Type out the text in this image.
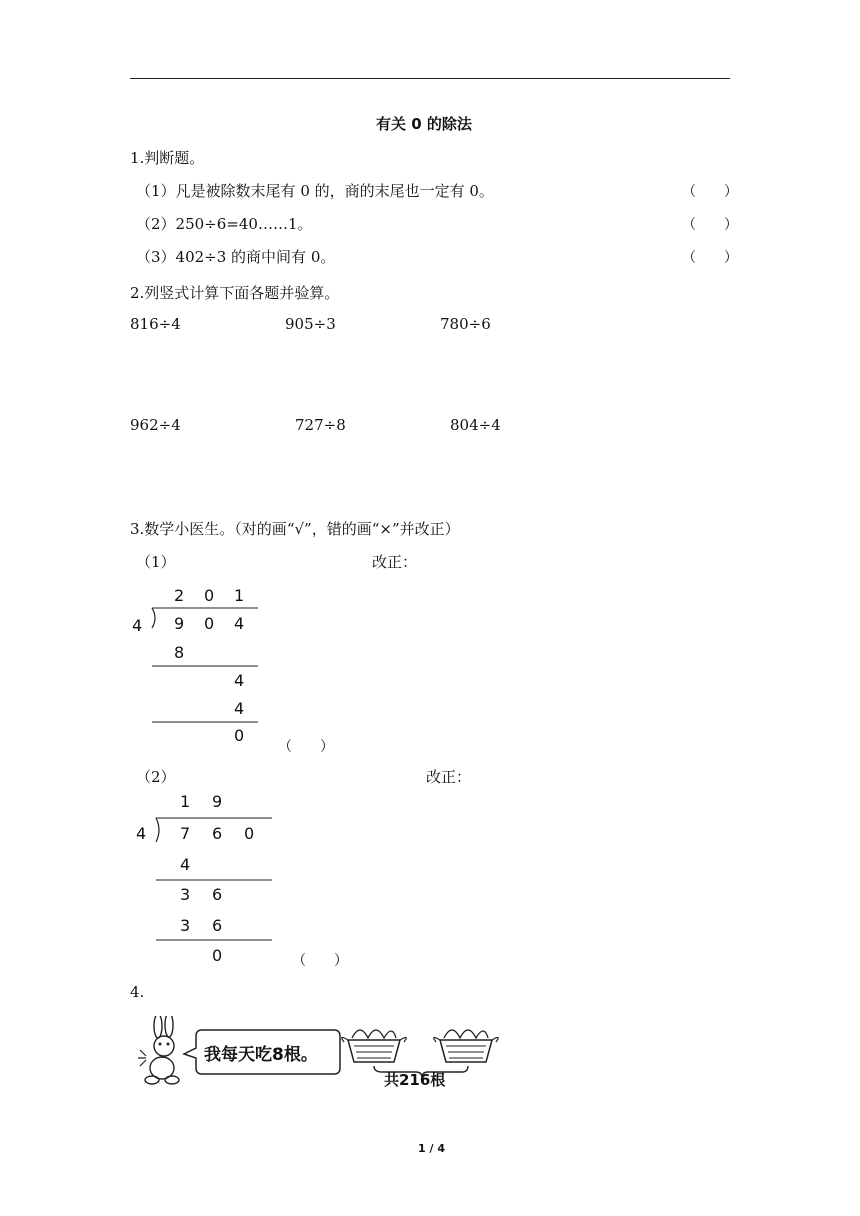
有关 0 的除法
1.判断题。
（1）凡是被除数末尾有 0 的，商的末尾也一定有 0。	（　　）
（2）250÷6=40……1。	（　　）
（3）402÷3 的商中间有 0。	（　　）
2.列竖式计算下面各题并验算。
816÷4	905÷3	780÷6
962÷4	727÷8	804÷4
3.数学小医生。（对的画“√”，错的画“×”并改正）
（1）	改正：
2 0 1
4 9 0 4
8
4
4
0
（　　）
（2）	改正：
1 9
4 7 6 0
4
3 6
3 6
0	（　　）
4.
我每天吃8根。
共216根
1 / 4
